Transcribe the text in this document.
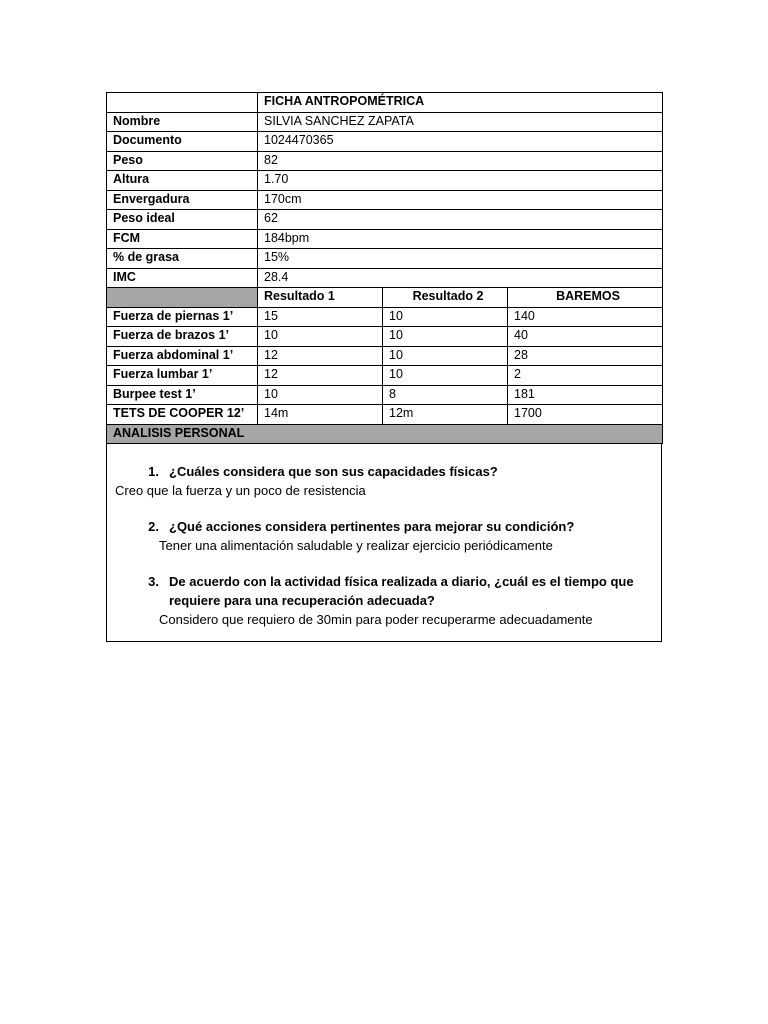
	FICHA ANTROPOMÉTRICA		
Nombre	SILVIA SANCHEZ ZAPATA		
Documento	1024470365		
Peso	82		
Altura	1.70		
Envergadura	170cm		
Peso ideal	62		
FCM	184bpm		
% de grasa	15%		
IMC	28.4		
	Resultado 1	Resultado 2	BAREMOS
Fuerza de piernas 1’	15	10	140
Fuerza de brazos 1’	10	10	40
Fuerza abdominal 1’	12	10	28
Fuerza lumbar 1’	12	10	2
Burpee test 1’	10	8	181
TETS DE COOPER 12’	14m	12m	1700
ANALISIS PERSONAL			
1. ¿Cuáles considera que son sus capacidades físicas?
Creo que la fuerza y un poco de resistencia
2. ¿Qué acciones considera pertinentes para mejorar su condición?
Tener una alimentación saludable y realizar ejercicio periódicamente
3. De acuerdo con la actividad física realizada a diario, ¿cuál es el tiempo que requiere para una recuperación adecuada?
Considero que requiero de 30min para poder recuperarme adecuadamente
